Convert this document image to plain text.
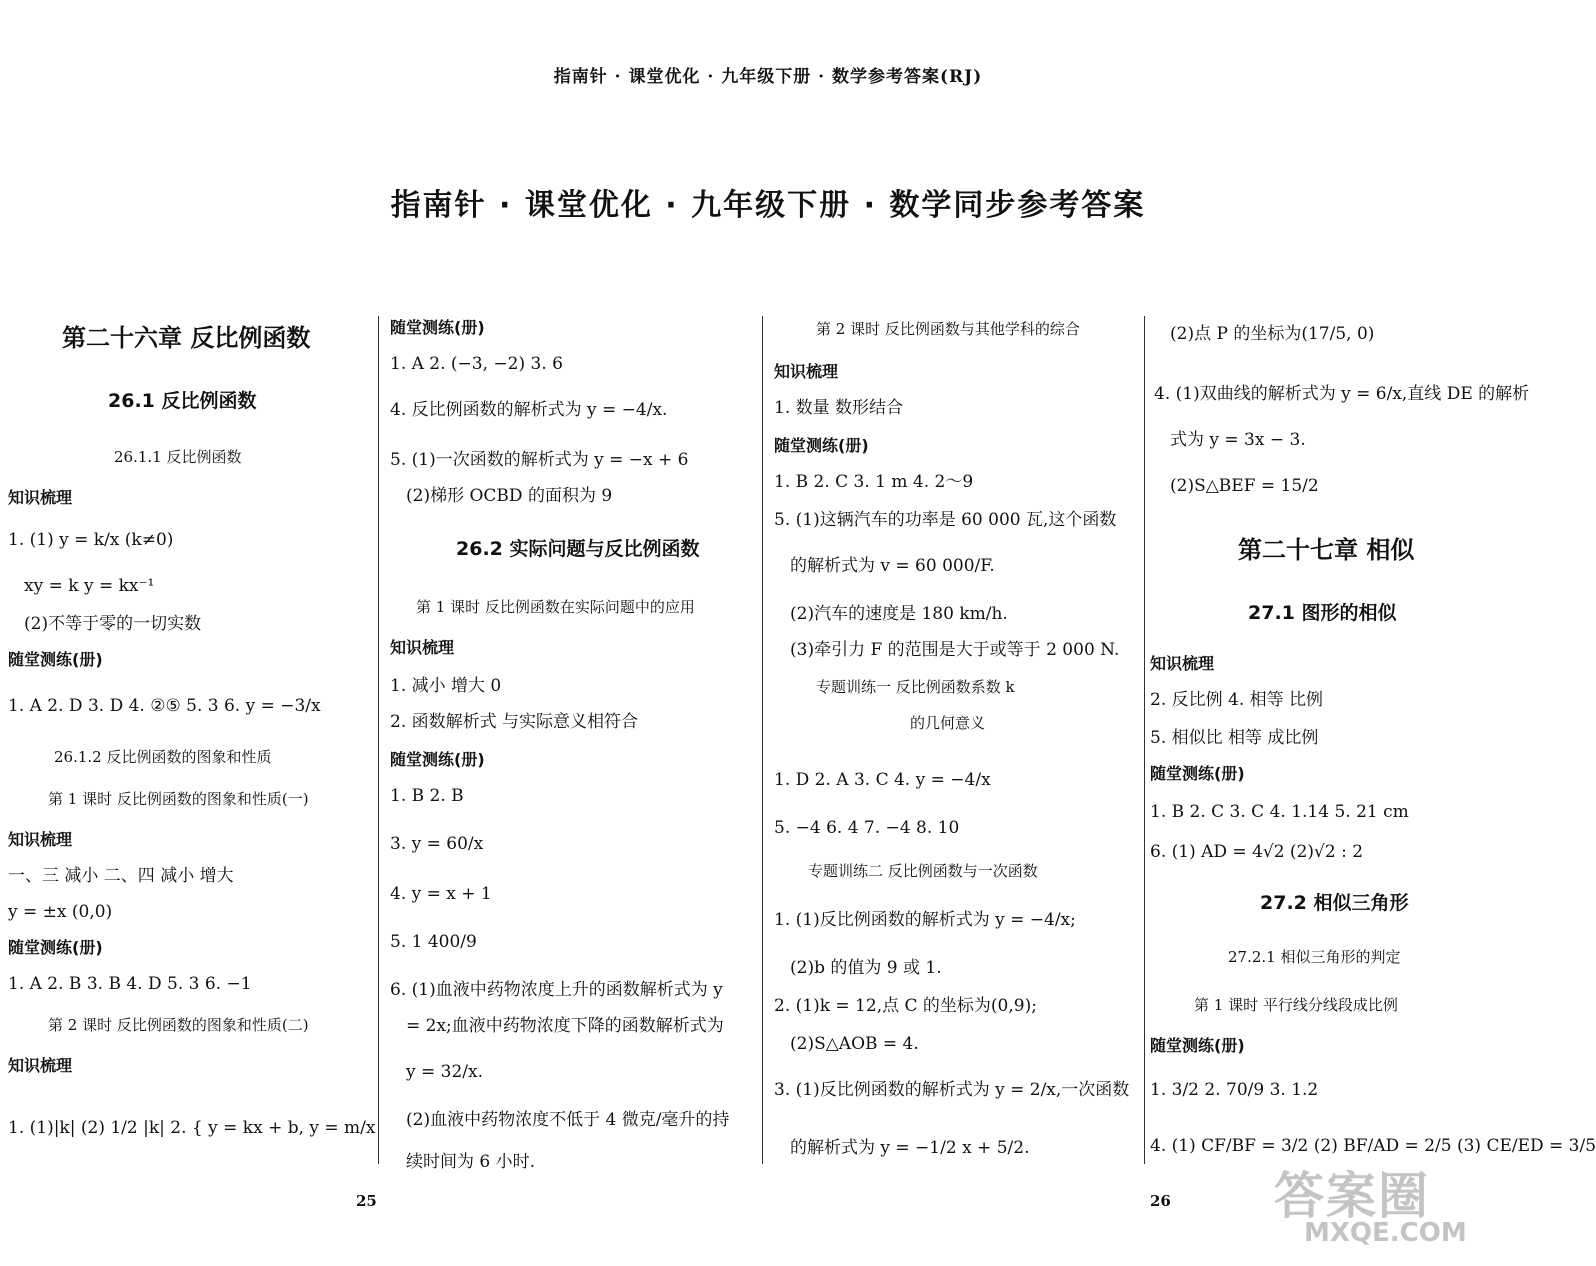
指南针 · 课堂优化 · 九年级下册 · 数学参考答案(RJ)
指南针 · 课堂优化 · 九年级下册 · 数学同步参考答案
第二十六章 反比例函数
26.1 反比例函数
26.1.1 反比例函数
知识梳理
1. (1) y = k/x (k≠0)
xy = k y = kx⁻¹
(2)不等于零的一切实数
随堂测练(册)
1. A 2. D 3. D 4. ②⑤ 5. 3 6. y = −3/x
26.1.2 反比例函数的图象和性质
第 1 课时 反比例函数的图象和性质(一)
知识梳理
一、三 减小 二、四 减小 增大
y = ±x (0,0)
随堂测练(册)
1. A 2. B 3. B 4. D 5. 3 6. −1
第 2 课时 反比例函数的图象和性质(二)
知识梳理
1. (1)|k| (2) 1/2 |k| 2. { y = kx + b, y = m/x
随堂测练(册)
1. A 2. (−3, −2) 3. 6
4. 反比例函数的解析式为 y = −4/x.
5. (1)一次函数的解析式为 y = −x + 6
(2)梯形 OCBD 的面积为 9
26.2 实际问题与反比例函数
第 1 课时 反比例函数在实际问题中的应用
知识梳理
1. 减小 增大 0
2. 函数解析式 与实际意义相符合
随堂测练(册)
1. B 2. B
3. y = 60/x
4. y = x + 1
5. 1 400/9
6. (1)血液中药物浓度上升的函数解析式为 y
= 2x;血液中药物浓度下降的函数解析式为
y = 32/x.
(2)血液中药物浓度不低于 4 微克/毫升的持
续时间为 6 小时.
第 2 课时 反比例函数与其他学科的综合
知识梳理
1. 数量 数形结合
随堂测练(册)
1. B 2. C 3. 1 m 4. 2～9
5. (1)这辆汽车的功率是 60 000 瓦,这个函数
的解析式为 v = 60 000/F.
(2)汽车的速度是 180 km/h.
(3)牵引力 F 的范围是大于或等于 2 000 N.
专题训练一 反比例函数系数 k
的几何意义
1. D 2. A 3. C 4. y = −4/x
5. −4 6. 4 7. −4 8. 10
专题训练二 反比例函数与一次函数
1. (1)反比例函数的解析式为 y = −4/x;
(2)b 的值为 9 或 1.
2. (1)k = 12,点 C 的坐标为(0,9);
(2)S△AOB = 4.
3. (1)反比例函数的解析式为 y = 2/x,一次函数
的解析式为 y = −1/2 x + 5/2.
(2)点 P 的坐标为(17/5, 0)
4. (1)双曲线的解析式为 y = 6/x,直线 DE 的解析
式为 y = 3x − 3.
(2)S△BEF = 15/2
第二十七章 相似
27.1 图形的相似
知识梳理
2. 反比例 4. 相等 比例
5. 相似比 相等 成比例
随堂测练(册)
1. B 2. C 3. C 4. 1.14 5. 21 cm
6. (1) AD = 4√2 (2)√2 : 2
27.2 相似三角形
27.2.1 相似三角形的判定
第 1 课时 平行线分线段成比例
随堂测练(册)
1. 3/2 2. 70/9 3. 1.2
4. (1) CF/BF = 3/2 (2) BF/AD = 2/5 (3) CE/ED = 3/5
25	26 答案圈
MXQE.COM
